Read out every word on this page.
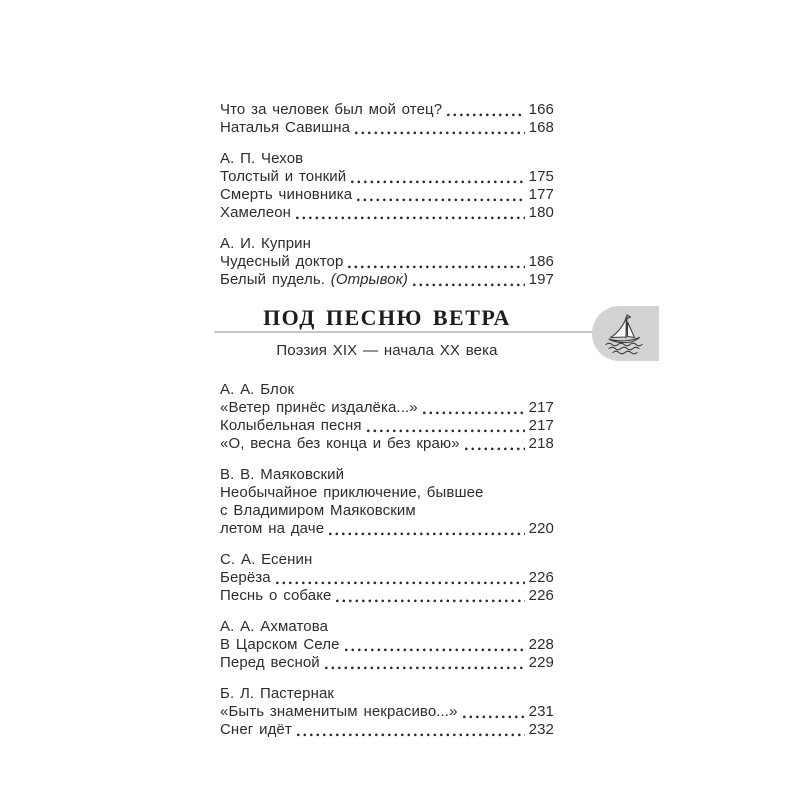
Что за человек был мой отец?	166
Наталья Савишна	168
А. П. Чехов
Толстый и тонкий	175
Смерть чиновника	177
Хамелеон	180
А. И. Куприн
Чудесный доктор	186
Белый пудель. (Отрывок)	197
ПОД ПЕСНЮ ВЕТРА
Поэзия XIX — начала XX века
А. А. Блок
«Ветер принёс издалёка...»	217
Колыбельная песня	217
«О, весна без конца и без краю»	218
В. В. Маяковский
Необычайное приключение, бывшее
с Владимиром Маяковским
летом на даче	220
С. А. Есенин
Берёза	226
Песнь о собаке	226
А. А. Ахматова
В Царском Селе	228
Перед весной	229
Б. Л. Пастернак
«Быть знаменитым некрасиво...»	231
Снег идёт	232
